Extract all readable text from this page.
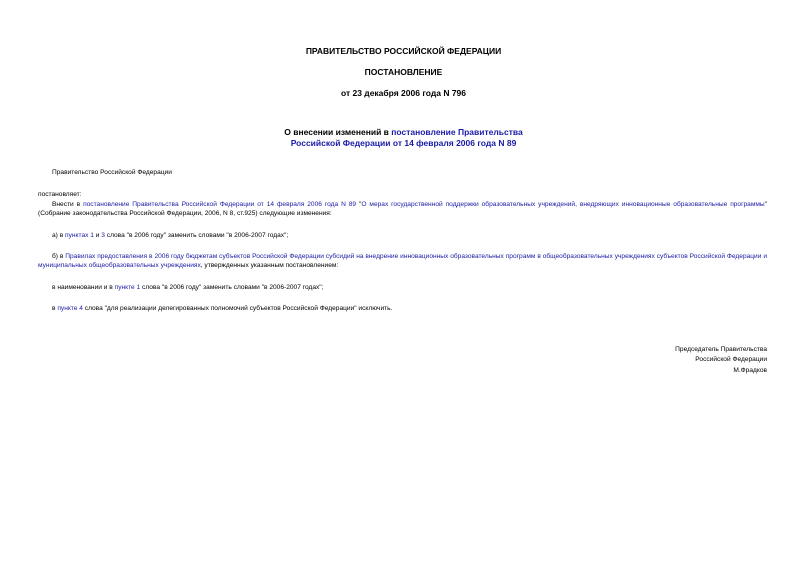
ПРАВИТЕЛЬСТВО РОССИЙСКОЙ ФЕДЕРАЦИИ
ПОСТАНОВЛЕНИЕ
от 23 декабря 2006 года N 796
О внесении изменений в постановление Правительства
Российской Федерации от 14 февраля 2006 года N 89
Правительство Российской Федерации
постановляет:
Внести в постановление Правительства Российской Федерации от 14 февраля 2006 года N 89 "О мерах государственной поддержки образовательных учреждений, внедряющих инновационные образовательные программы" (Собрание законодательства Российской Федерации, 2006, N 8, ст.925) следующие изменения:
а) в пунктах 1 и 3 слова "в 2006 году" заменить словами "в 2006-2007 годах";
б) в Правилах предоставления в 2006 году бюджетам субъектов Российской Федерации субсидий на внедрение инновационных образовательных программ в общеобразовательных учреждениях субъектов Российской Федерации и муниципальных общеобразовательных учреждениях, утвержденных указанным постановлением:
в наименовании и в пункте 1 слова "в 2006 году" заменить словами "в 2006-2007 годах";
в пункте 4 слова "для реализации делегированных полномочий субъектов Российской Федерации" исключить.
Председатель Правительства
Российской Федерации
М.Фрадков
